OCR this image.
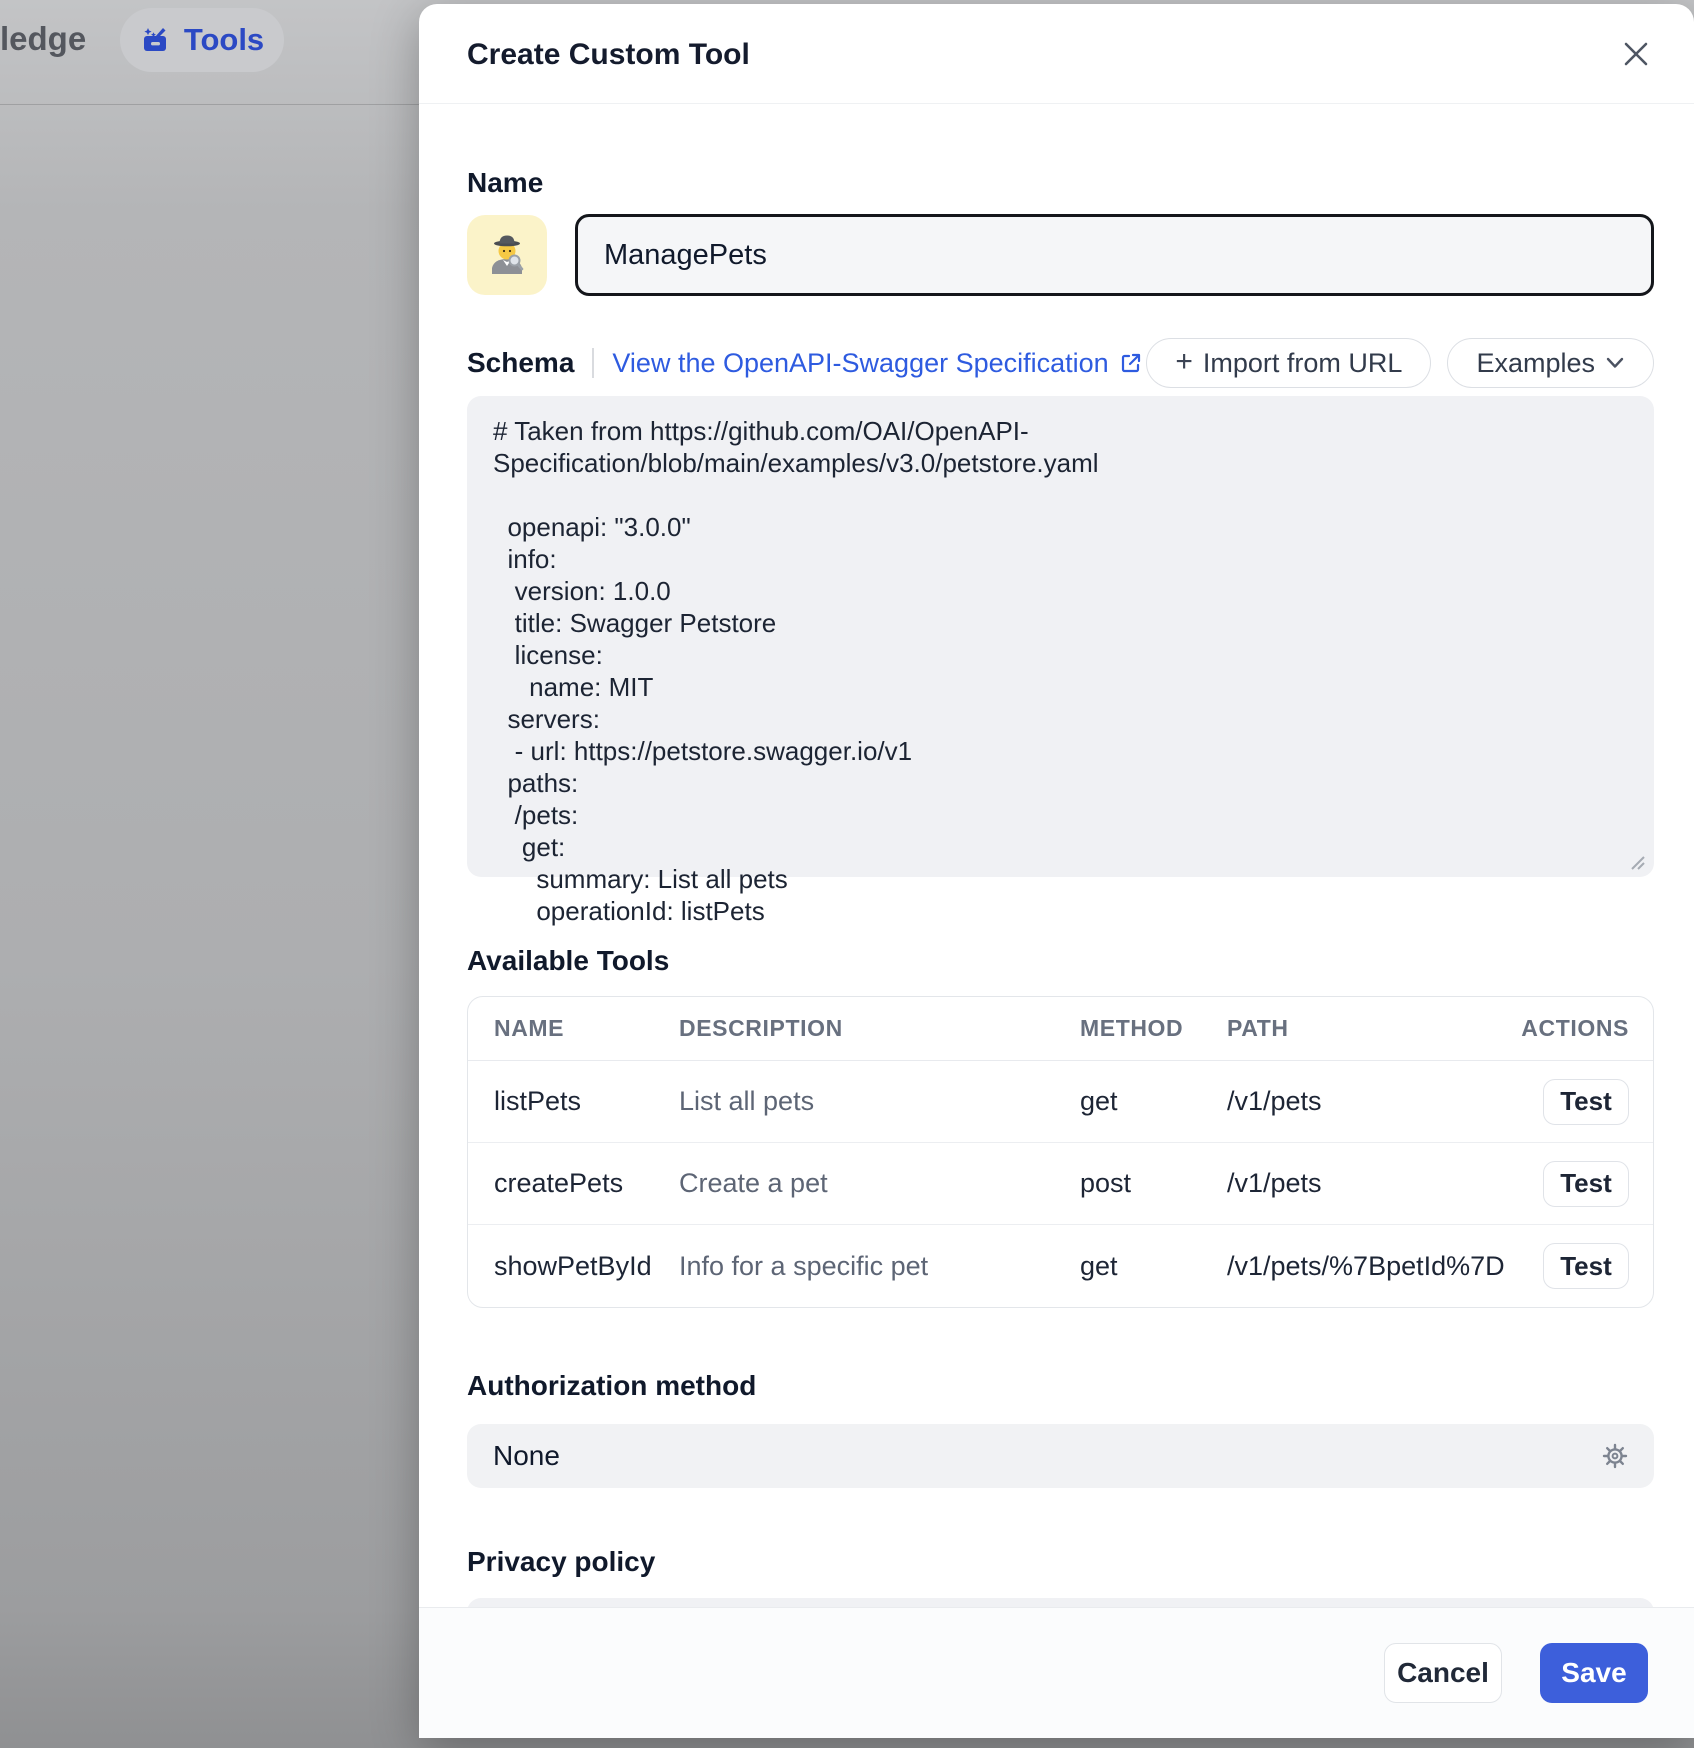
ledge	Tools	Create Custom Tool
Name
ManagePets
Schema View the OpenAPI-Swagger Specification + Import from URL	Examples
# Taken from https://github.com/OAI/OpenAPI-Specification/blob/main/examples/v3.0/petstore.yaml

openapi: "3.0.0"
info:
version: 1.0.0
title: Swagger Petstore
license:
name: MIT
servers:
- url: https://petstore.swagger.io/v1
paths:
/pets:
get:
summary: List all pets
operationId: listPets
Available Tools
NAME	DESCRIPTION	METHOD	PATH	ACTIONS
listPets	List all pets	get	/v1/pets	Test
createPets	Create a pet	post	/v1/pets	Test
showPetById	Info for a specific pet	get	/v1/pets/%7BpetId%7D	Test
Authorization method
None
Privacy policy
Cancel	Save
